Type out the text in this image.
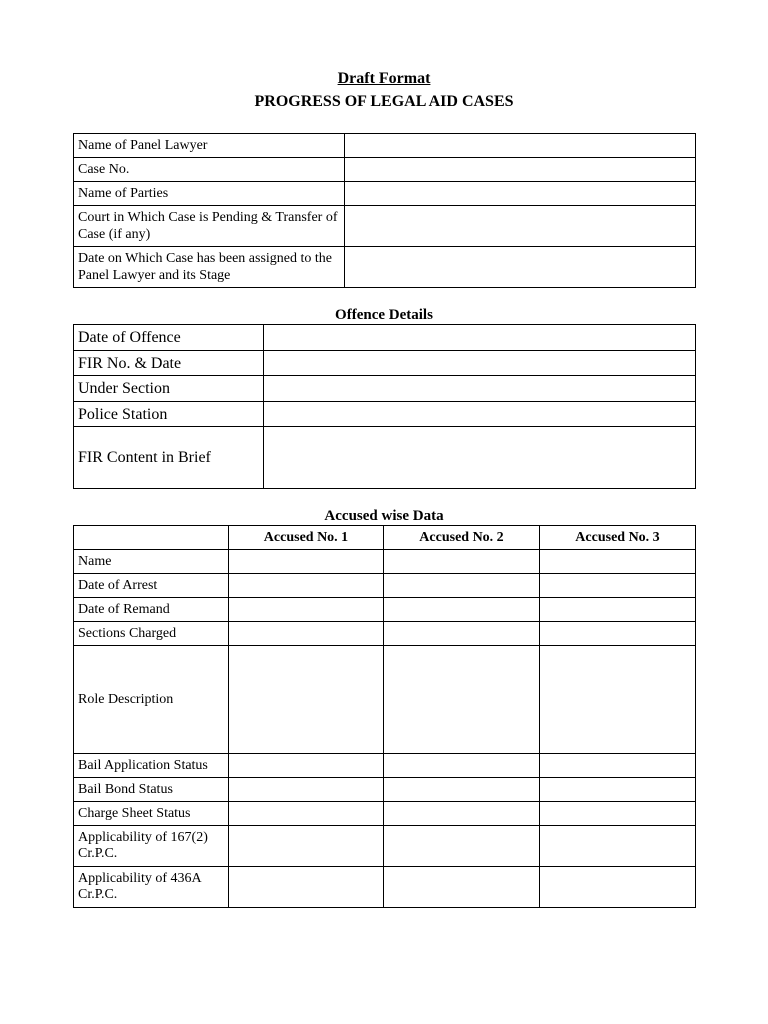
Draft Format
PROGRESS OF LEGAL AID CASES
Name of Panel Lawyer	
Case No.	
Name of Parties	
Court in Which Case is Pending & Transfer of Case (if any)	
Date on Which Case has been assigned to the Panel Lawyer and its Stage	
Offence Details
Date of Offence	
FIR No. & Date	
Under Section	
Police Station	
FIR Content in Brief	
Accused wise Data
	Accused No. 1	Accused No. 2	Accused No. 3
Name			
Date of Arrest			
Date of Remand			
Sections Charged			
Role Description			
Bail Application Status			
Bail Bond Status			
Charge Sheet Status			
Applicability of 167(2) Cr.P.C.			
Applicability of 436A Cr.P.C.			
